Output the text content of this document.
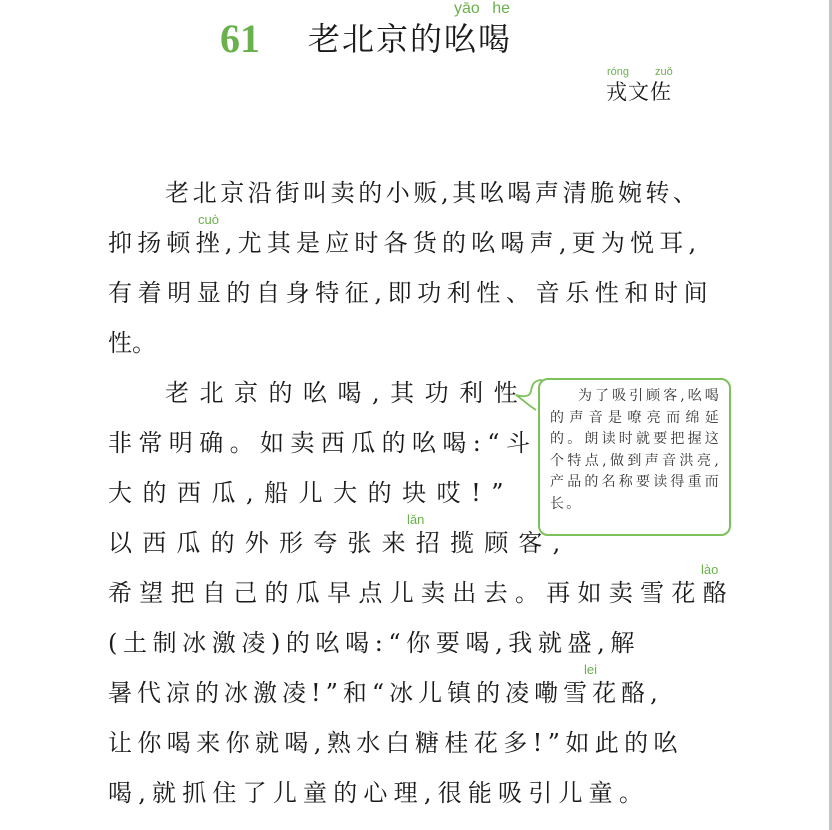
61
yāo he
老北京的吆喝
róng zuǒ
戎文佐
cuò
lǎn
lào
lei
老北京沿街叫卖的小贩,其吆喝声清脆婉转、
抑扬顿挫,尤其是应时各货的吆喝声,更为悦耳,
有着明显的自身特征,即功利性、音乐性和时间
性。
老北京的吆喝,其功利性
非常明确。如卖西瓜的吆喝:“斗
大的西瓜,船儿大的块哎!”
以西瓜的外形夸张来招揽顾客,
希望把自己的瓜早点儿卖出去。再如卖雪花酪
(土制冰激凌)的吆喝:“你要喝,我就盛,解
暑代凉的冰激凌!”和“冰儿镇的凌嘞雪花酪,
让你喝来你就喝,熟水白糖桂花多!”如此的吆
喝,就抓住了儿童的心理,很能吸引儿童。
为了吸引顾客,吆喝的声音是嘹亮而绵延的。朗读时就要把握这个特点,做到声音洪亮,产品的名称要读得重而长。
